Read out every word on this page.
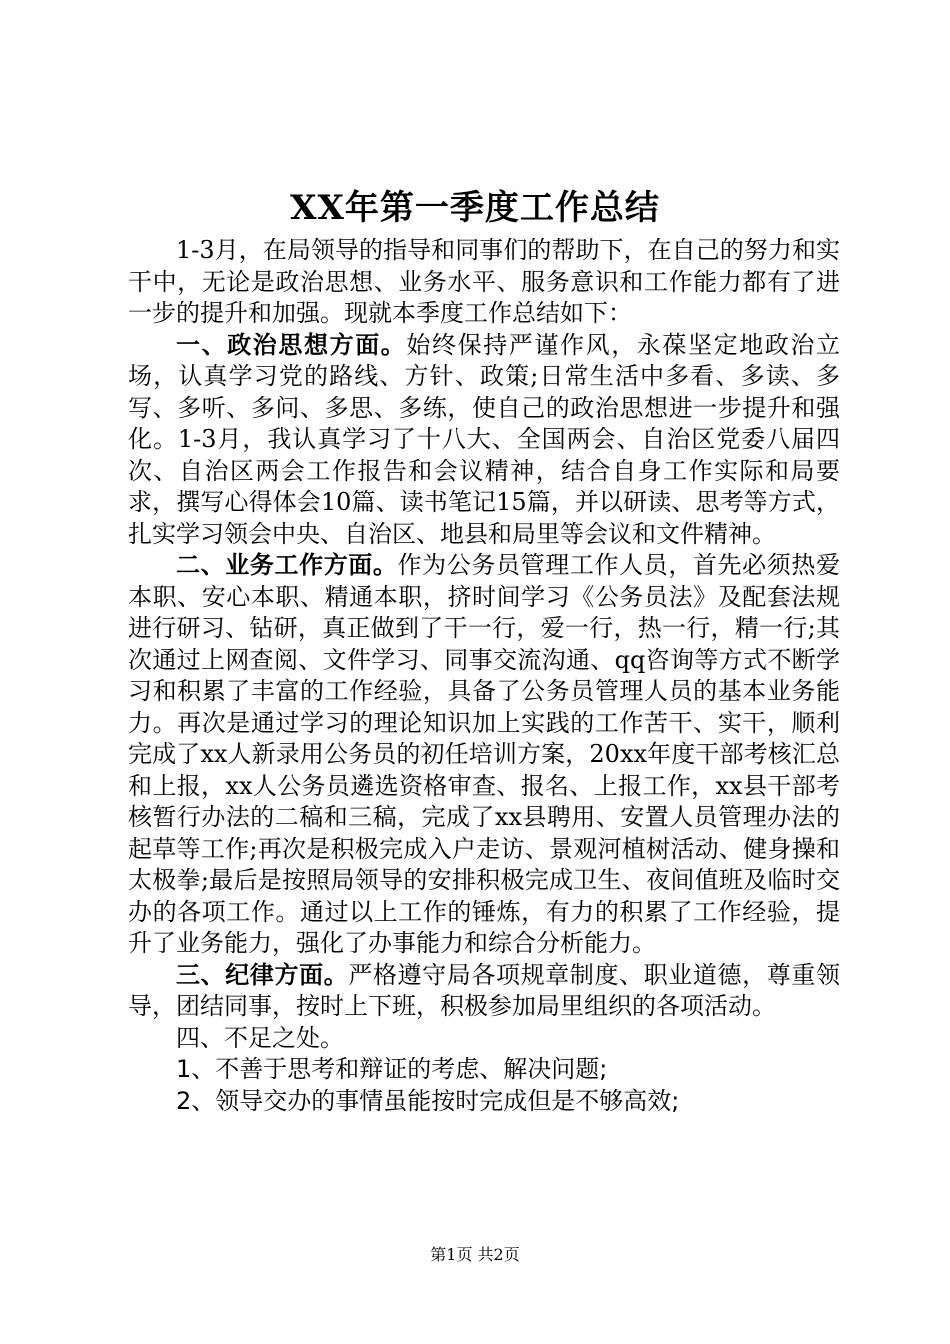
XX年第一季度工作总结

1-3月，在局领导的指导和同事们的帮助下，在自己的努力和实干中，无论是政治思想、业务水平、服务意识和工作能力都有了进一步的提升和加强。现就本季度工作总结如下：

一、政治思想方面。始终保持严谨作风，永葆坚定地政治立场，认真学习党的路线、方针、政策;日常生活中多看、多读、多写、多听、多问、多思、多练，使自己的政治思想进一步提升和强化。1-3月，我认真学习了十八大、全国两会、自治区党委八届四次、自治区两会工作报告和会议精神，结合自身工作实际和局要求，撰写心得体会10篇、读书笔记15篇，并以研读、思考等方式，扎实学习领会中央、自治区、地县和局里等会议和文件精神。

二、业务工作方面。作为公务员管理工作人员，首先必须热爱本职、安心本职、精通本职，挤时间学习《公务员法》及配套法规进行研习、钻研，真正做到了干一行，爱一行，热一行，精一行;其次通过上网查阅、文件学习、同事交流沟通、qq咨询等方式不断学习和积累了丰富的工作经验，具备了公务员管理人员的基本业务能力。再次是通过学习的理论知识加上实践的工作苦干、实干，顺利完成了xx人新录用公务员的初任培训方案，20xx年度干部考核汇总和上报，xx人公务员遴选资格审查、报名、上报工作，xx县干部考核暂行办法的二稿和三稿，完成了xx县聘用、安置人员管理办法的起草等工作;再次是积极完成入户走访、景观河植树活动、健身操和太极拳;最后是按照局领导的安排积极完成卫生、夜间值班及临时交办的各项工作。通过以上工作的锤炼，有力的积累了工作经验，提升了业务能力，强化了办事能力和综合分析能力。

三、纪律方面。严格遵守局各项规章制度、职业道德，尊重领导，团结同事，按时上下班，积极参加局里组织的各项活动。

四、不足之处。

1、不善于思考和辩证的考虑、解决问题;

2、领导交办的事情虽能按时完成但是不够高效;

第1页 共2页
